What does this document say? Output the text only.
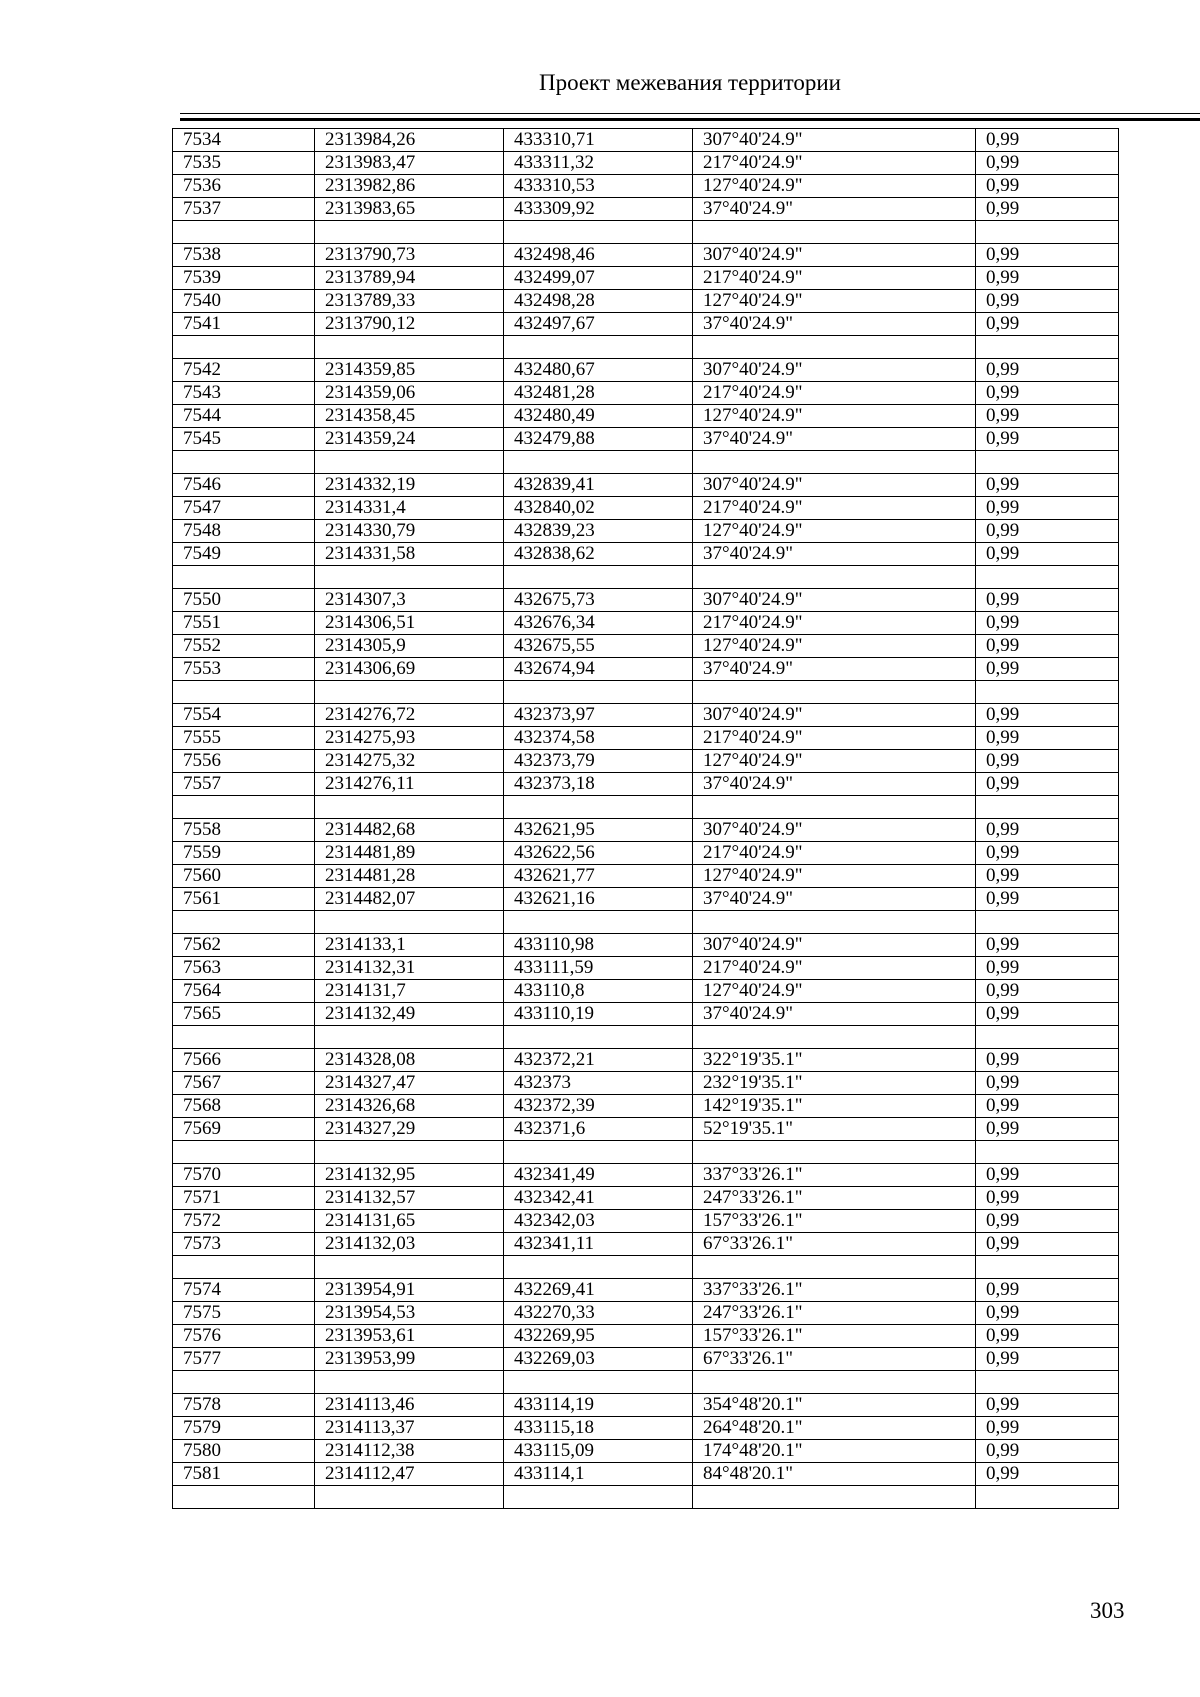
Проект межевания территории
7534	2313984,26	433310,71	307°40'24.9"	0,99
7535	2313983,47	433311,32	217°40'24.9"	0,99
7536	2313982,86	433310,53	127°40'24.9"	0,99
7537	2313983,65	433309,92	37°40'24.9"	0,99

7538	2313790,73	432498,46	307°40'24.9"	0,99
7539	2313789,94	432499,07	217°40'24.9"	0,99
7540	2313789,33	432498,28	127°40'24.9"	0,99
7541	2313790,12	432497,67	37°40'24.9"	0,99

7542	2314359,85	432480,67	307°40'24.9"	0,99
7543	2314359,06	432481,28	217°40'24.9"	0,99
7544	2314358,45	432480,49	127°40'24.9"	0,99
7545	2314359,24	432479,88	37°40'24.9"	0,99

7546	2314332,19	432839,41	307°40'24.9"	0,99
7547	2314331,4	432840,02	217°40'24.9"	0,99
7548	2314330,79	432839,23	127°40'24.9"	0,99
7549	2314331,58	432838,62	37°40'24.9"	0,99

7550	2314307,3	432675,73	307°40'24.9"	0,99
7551	2314306,51	432676,34	217°40'24.9"	0,99
7552	2314305,9	432675,55	127°40'24.9"	0,99
7553	2314306,69	432674,94	37°40'24.9"	0,99

7554	2314276,72	432373,97	307°40'24.9"	0,99
7555	2314275,93	432374,58	217°40'24.9"	0,99
7556	2314275,32	432373,79	127°40'24.9"	0,99
7557	2314276,11	432373,18	37°40'24.9"	0,99

7558	2314482,68	432621,95	307°40'24.9"	0,99
7559	2314481,89	432622,56	217°40'24.9"	0,99
7560	2314481,28	432621,77	127°40'24.9"	0,99
7561	2314482,07	432621,16	37°40'24.9"	0,99

7562	2314133,1	433110,98	307°40'24.9"	0,99
7563	2314132,31	433111,59	217°40'24.9"	0,99
7564	2314131,7	433110,8	127°40'24.9"	0,99
7565	2314132,49	433110,19	37°40'24.9"	0,99

7566	2314328,08	432372,21	322°19'35.1"	0,99
7567	2314327,47	432373	232°19'35.1"	0,99
7568	2314326,68	432372,39	142°19'35.1"	0,99
7569	2314327,29	432371,6	52°19'35.1"	0,99

7570	2314132,95	432341,49	337°33'26.1"	0,99
7571	2314132,57	432342,41	247°33'26.1"	0,99
7572	2314131,65	432342,03	157°33'26.1"	0,99
7573	2314132,03	432341,11	67°33'26.1"	0,99

7574	2313954,91	432269,41	337°33'26.1"	0,99
7575	2313954,53	432270,33	247°33'26.1"	0,99
7576	2313953,61	432269,95	157°33'26.1"	0,99
7577	2313953,99	432269,03	67°33'26.1"	0,99

7578	2314113,46	433114,19	354°48'20.1"	0,99
7579	2314113,37	433115,18	264°48'20.1"	0,99
7580	2314112,38	433115,09	174°48'20.1"	0,99
7581	2314112,47	433114,1	84°48'20.1"	0,99

303
